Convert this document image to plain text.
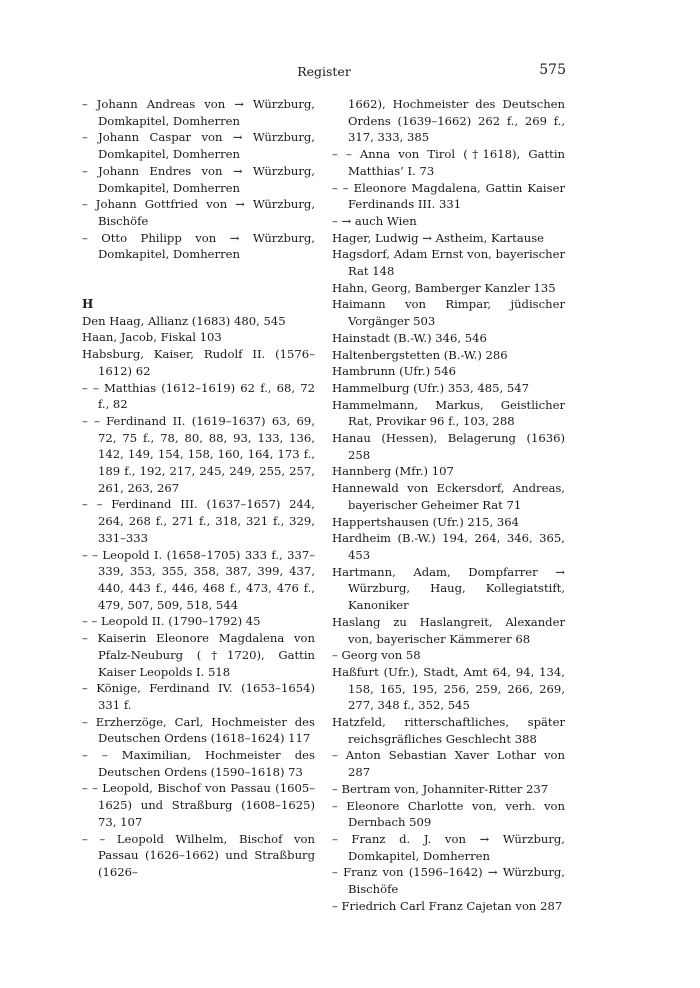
Register	575
– Johann Andreas von → Würzburg, Domkapitel, Domherren
– Johann Caspar von → Würzburg, Domkapitel, Domherren
– Johann Endres von → Würzburg, Domkapitel, Domherren
– Johann Gottfried von → Würzburg, Bischöfe
– Otto Philipp von → Würzburg, Domkapitel, Domherren
H
Den Haag, Allianz (1683) 480, 545
Haan, Jacob, Fiskal 103
Habsburg, Kaiser, Rudolf II. (1576–1612) 62
– – Matthias (1612–1619) 62 f., 68, 72 f., 82
– – Ferdinand II. (1619–1637) 63, 69, 72, 75 f., 78, 80, 88, 93, 133, 136, 142, 149, 154, 158, 160, 164, 173 f., 189 f., 192, 217, 245, 249, 255, 257, 261, 263, 267
– – Ferdinand III. (1637–1657) 244, 264, 268 f., 271 f., 318, 321 f., 329, 331–333
– – Leopold I. (1658–1705) 333 f., 337–339, 353, 355, 358, 387, 399, 437, 440, 443 f., 446, 468 f., 473, 476 f., 479, 507, 509, 518, 544
– – Leopold II. (1790–1792) 45
– Kaiserin Eleonore Magdalena von Pfalz-Neuburg (†1720), Gattin Kaiser Leopolds I. 518
– Könige, Ferdinand IV. (1653–1654) 331 f.
– Erzherzöge, Carl, Hochmeister des Deutschen Ordens (1618–1624) 117
– – Maximilian, Hochmeister des Deutschen Ordens (1590–1618) 73
– – Leopold, Bischof von Passau (1605–1625) und Straßburg (1608–1625) 73, 107
– – Leopold Wilhelm, Bischof von Passau (1626–1662) und Straßburg (1626–
1662), Hochmeister des Deutschen Ordens (1639–1662) 262 f., 269 f., 317, 333, 385
– – Anna von Tirol (†1618), Gattin Matthias’ I. 73
– – Eleonore Magdalena, Gattin Kaiser Ferdinands III. 331
– → auch Wien
Hager, Ludwig → Astheim, Kartause
Hagsdorf, Adam Ernst von, bayerischer Rat 148
Hahn, Georg, Bamberger Kanzler 135
Haimann von Rimpar, jüdischer Vorgänger 503
Hainstadt (B.-W.) 346, 546
Haltenbergstetten (B.-W.) 286
Hambrunn (Ufr.) 546
Hammelburg (Ufr.) 353, 485, 547
Hammelmann, Markus, Geistlicher Rat, Provikar 96 f., 103, 288
Hanau (Hessen), Belagerung (1636) 258
Hannberg (Mfr.) 107
Hannewald von Eckersdorf, Andreas, bayerischer Geheimer Rat 71
Happertshausen (Ufr.) 215, 364
Hardheim (B.-W.) 194, 264, 346, 365, 453
Hartmann, Adam, Dompfarrer → Würzburg, Haug, Kollegiatstift, Kanoniker
Haslang zu Haslangreit, Alexander von, bayerischer Kämmerer 68
– Georg von 58
Haßfurt (Ufr.), Stadt, Amt 64, 94, 134, 158, 165, 195, 256, 259, 266, 269, 277, 348 f., 352, 545
Hatzfeld, ritterschaftliches, später reichsgräfliches Geschlecht 388
– Anton Sebastian Xaver Lothar von 287
– Bertram von, Johanniter-Ritter 237
– Eleonore Charlotte von, verh. von Dernbach 509
– Franz d. J. von → Würzburg, Domkapitel, Domherren
– Franz von (1596–1642) → Würzburg, Bischöfe
– Friedrich Carl Franz Cajetan von 287
